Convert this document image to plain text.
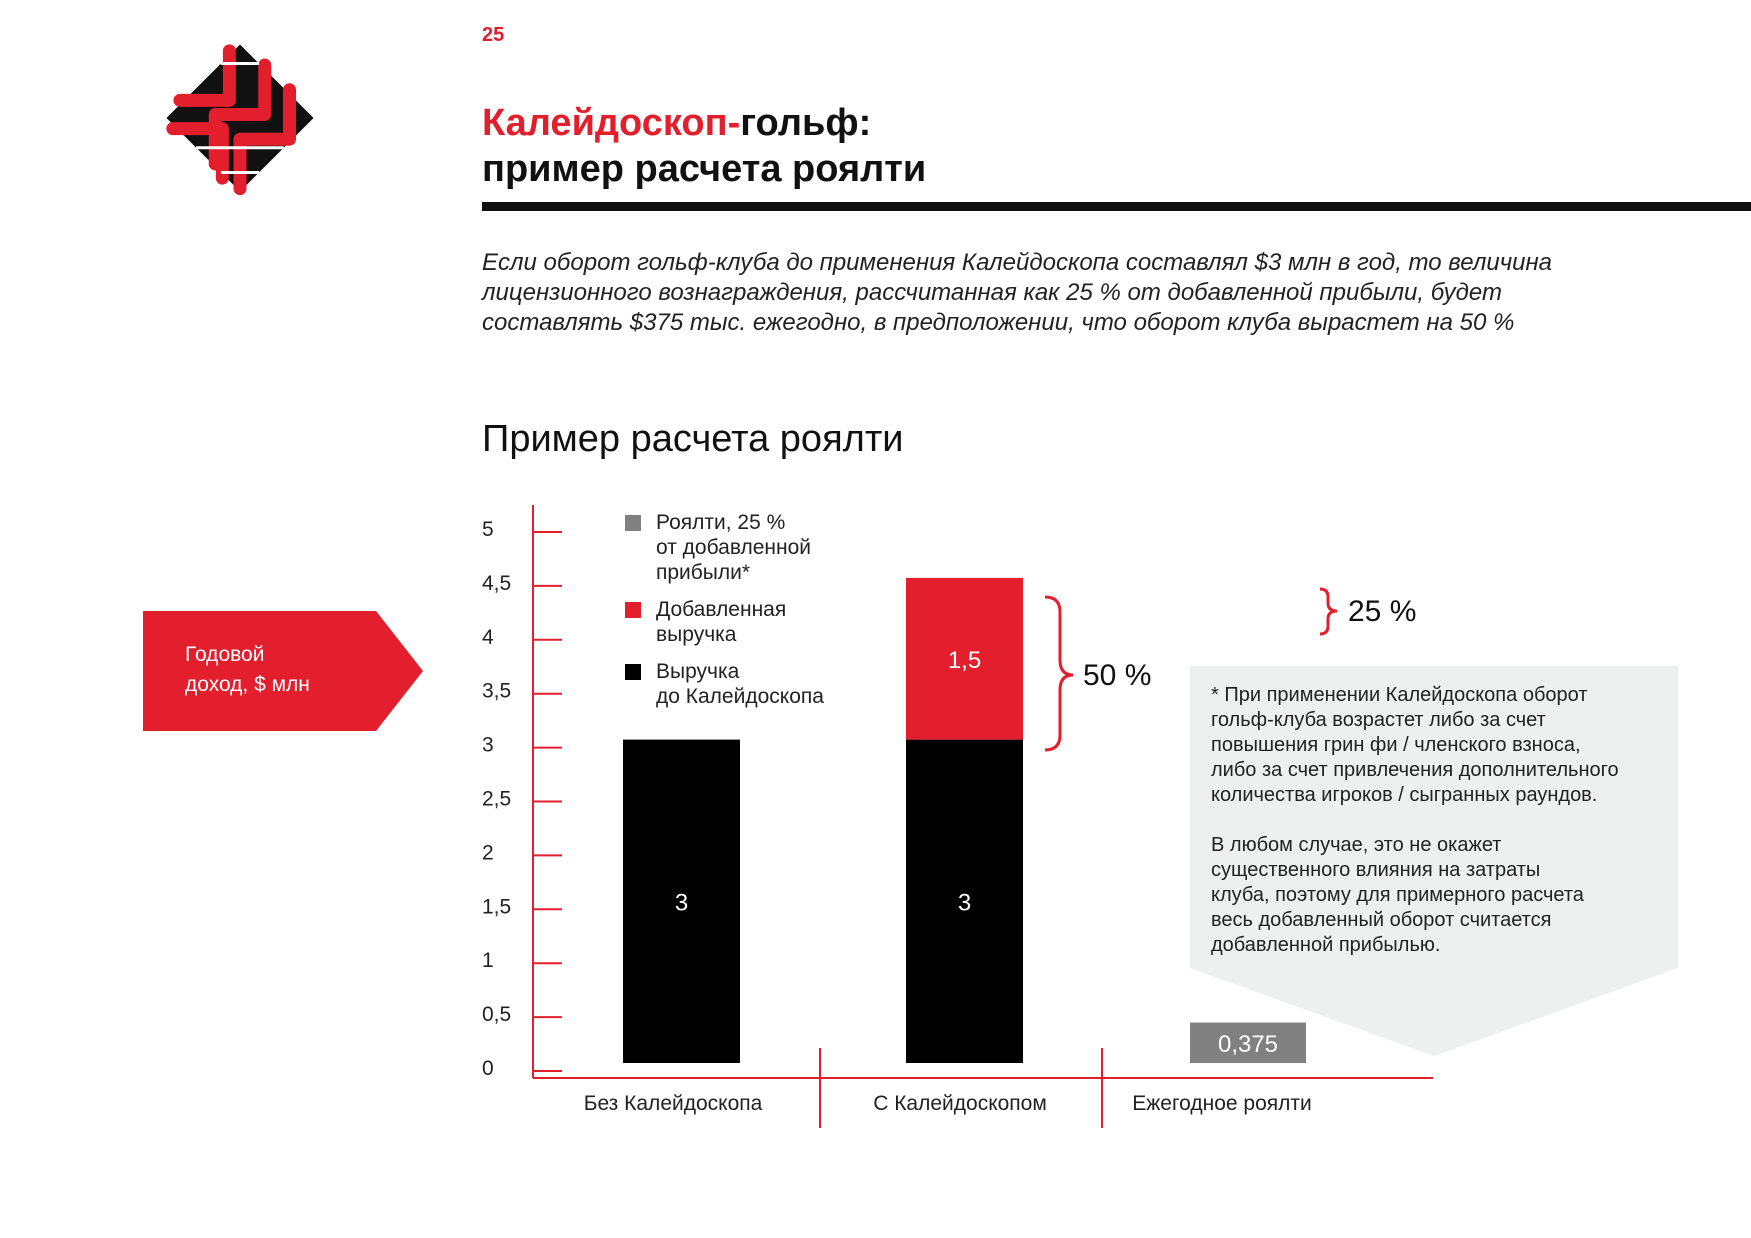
25
Калейдоскоп-гольф:
пример расчета роялти
Если оборот гольф-клуба до применения Калейдоскопа составлял $3 млн в год, то величина
лицензионного вознаграждения, рассчитанная как 25 % от добавленной прибыли, будет
составлять $375 тыс. ежегодно, в предположении, что оборот клуба вырастет на 50 %
Пример расчета роялти
Годовой
доход, $ млн	* При применении Калейдоскопа оборот
гольф-клуба возрастет либо за счет
повышения грин фи / членского взноса,
либо за счет привлечения дополнительного
количества игроков / сыгранных раундов.

В любом случае, это не окажет
существенного влияния на затраты
клуба, поэтому для примерного расчета
весь добавленный оборот считается
добавленной прибылью.

0
0,5
1
1,5
2
2,5
3
3,5
4
4,5
5
Без Калейдоскопа	С Калейдоскопом	Ежегодное роялти
3	3
1,5
0,375
50 %
25 %
Роялти, 25 %
от добавленной
прибыли*
Добавленная
выручка
Выручка
до Калейдоскопа
